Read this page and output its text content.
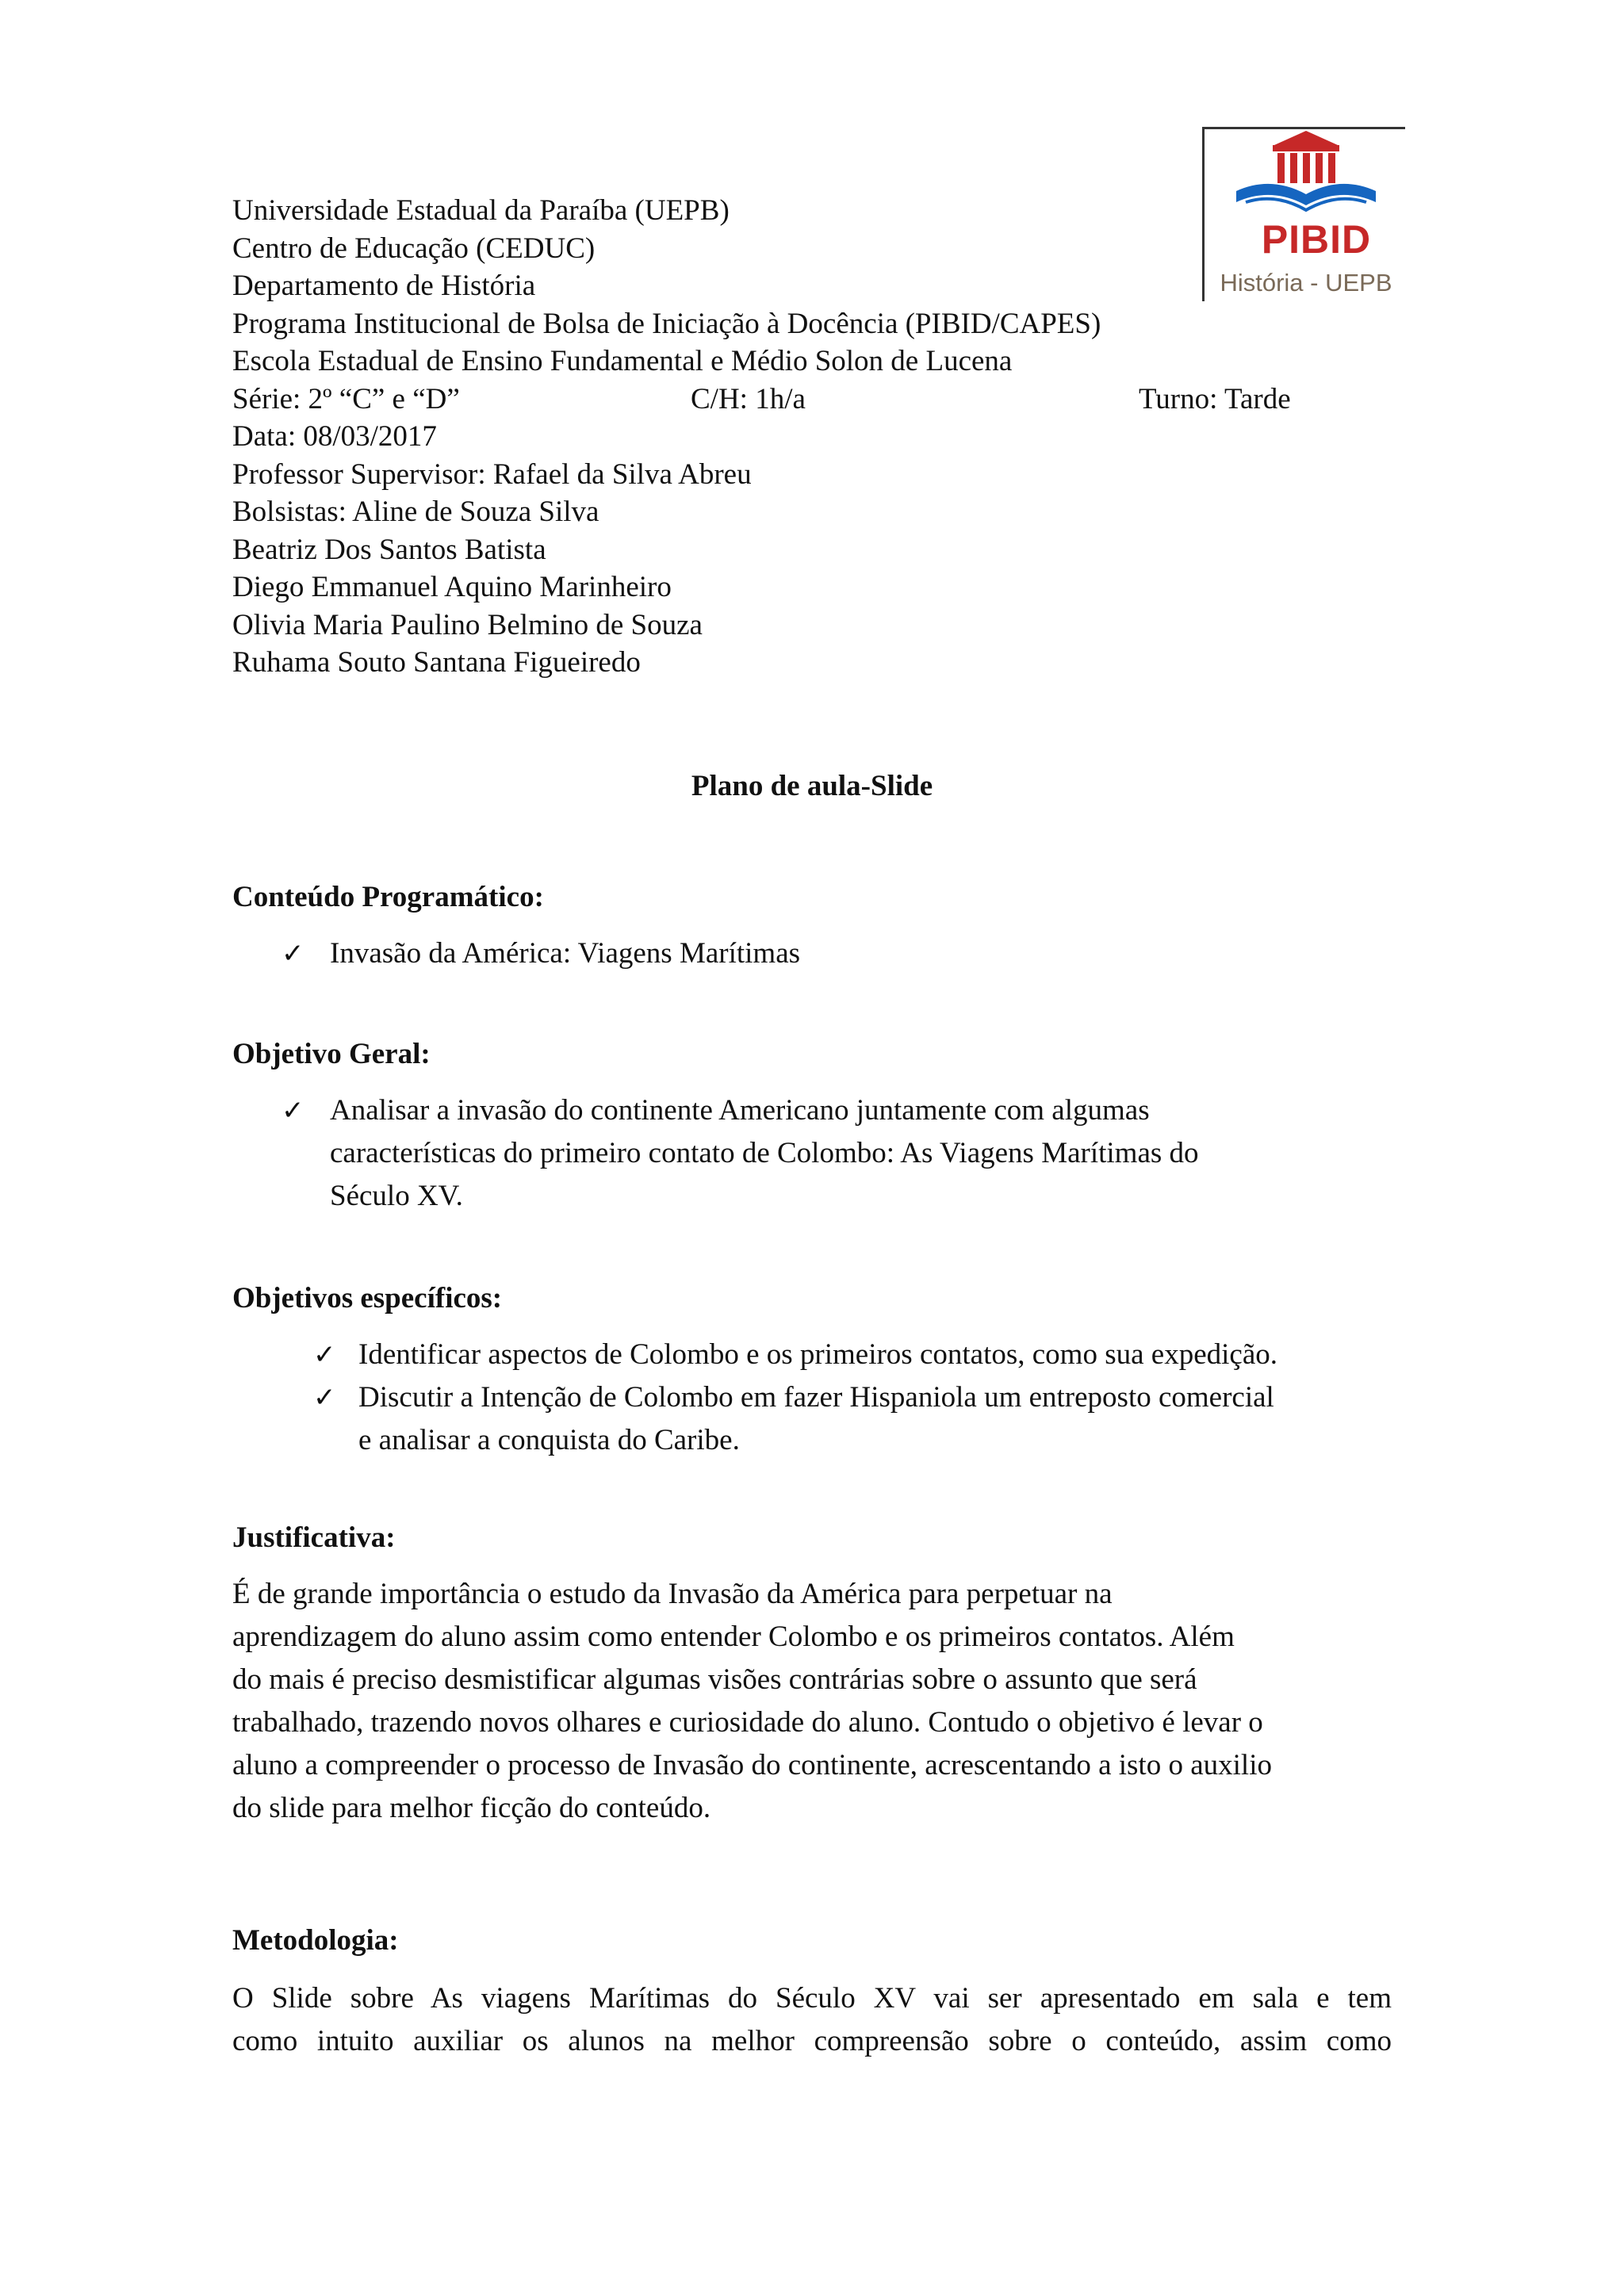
PIBID
História - UEPB
Universidade Estadual da Paraíba (UEPB)
Centro de Educação (CEDUC)
Departamento de História
Programa Institucional de Bolsa de Iniciação à Docência (PIBID/CAPES)
Escola Estadual de Ensino Fundamental e Médio Solon de Lucena
Série: 2º “C” e “D”	C/H: 1h/a	Turno: Tarde
Data: 08/03/2017
Professor Supervisor: Rafael da Silva Abreu
Bolsistas: Aline de Souza Silva
Beatriz Dos Santos Batista
Diego Emmanuel Aquino Marinheiro
Olivia Maria Paulino Belmino de Souza
Ruhama Souto Santana Figueiredo
Plano de aula-Slide
Conteúdo Programático:
✓ Invasão da América: Viagens Marítimas
Objetivo Geral:
✓ Analisar a invasão do continente Americano juntamente com algumas
características do primeiro contato de Colombo: As Viagens Marítimas do
Século XV.
Objetivos específicos:
✓ Identificar aspectos de Colombo e os primeiros contatos, como sua expedição.
✓ Discutir a Intenção de Colombo em fazer Hispaniola um entreposto comercial
e analisar a conquista do Caribe.
Justificativa:
É de grande importância o estudo da Invasão da América para perpetuar na
aprendizagem do aluno assim como entender Colombo e os primeiros contatos. Além
do mais é preciso desmistificar algumas visões contrárias sobre o assunto que será
trabalhado, trazendo novos olhares e curiosidade do aluno. Contudo o objetivo é levar o
aluno a compreender o processo de Invasão do continente, acrescentando a isto o auxilio
do slide para melhor ficção do conteúdo.
Metodologia:
O Slide sobre As viagens Marítimas do Século XV vai ser apresentado em sala e tem
como intuito auxiliar os alunos na melhor compreensão sobre o conteúdo, assim como
